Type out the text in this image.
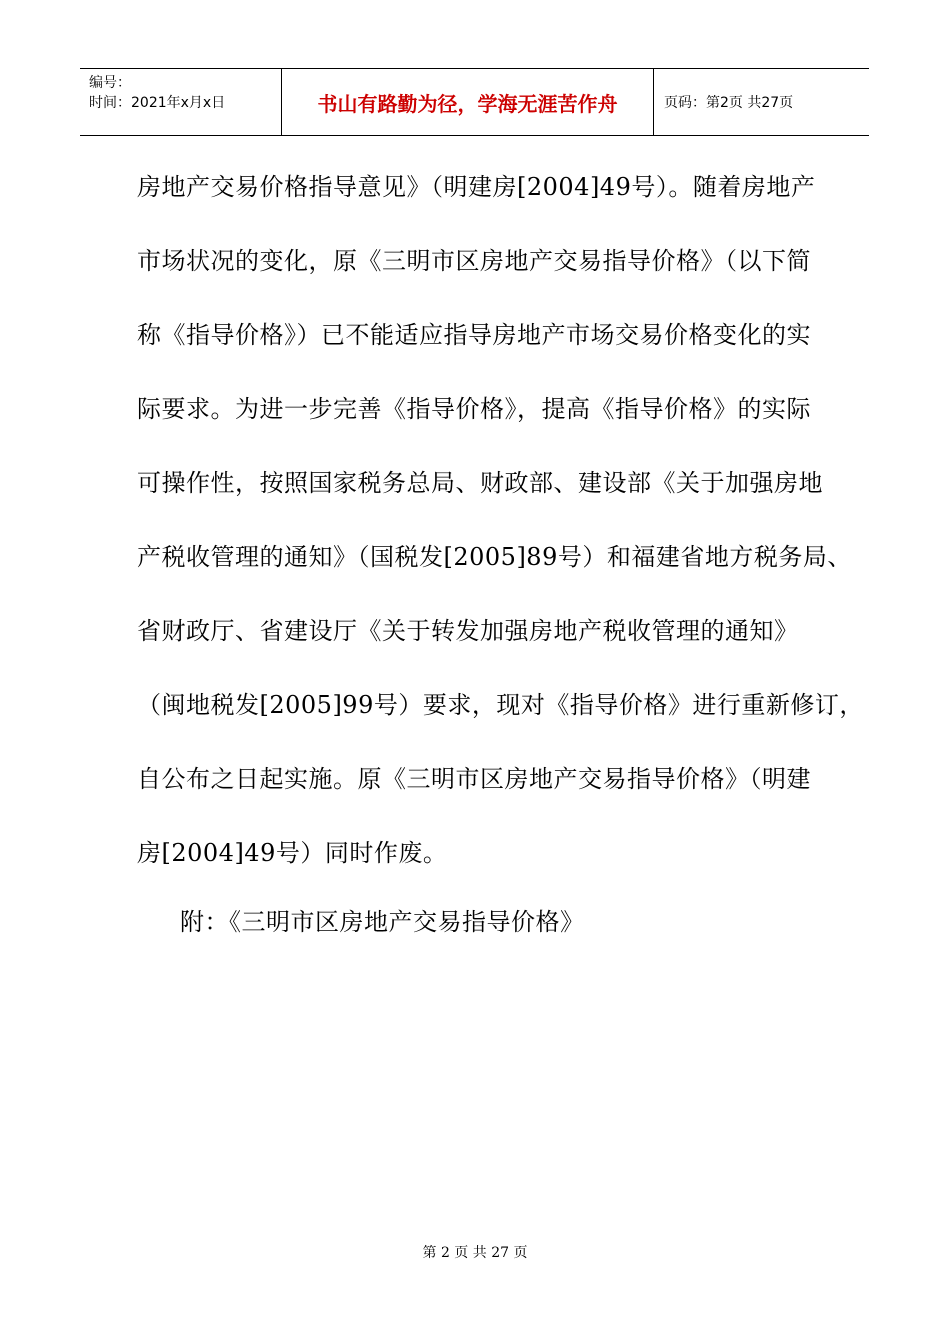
编号：
时间：2021年x月x日	书山有路勤为径，学海无涯苦作舟	页码：第2页 共27页
房地产交易价格指导意见》（明建房[2004]49号）。随着房地产
市场状况的变化，原《三明市区房地产交易指导价格》（以下简
称《指导价格》）已不能适应指导房地产市场交易价格变化的实
际要求。为进一步完善《指导价格》，提高《指导价格》的实际
可操作性，按照国家税务总局、财政部、建设部《关于加强房地
产税收管理的通知》（国税发[2005]89号）和福建省地方税务局、
省财政厅、省建设厅《关于转发加强房地产税收管理的通知》
（闽地税发[2005]99号）要求，现对《指导价格》进行重新修订，
自公布之日起实施。原《三明市区房地产交易指导价格》（明建
房[2004]49号）同时作废。
附：《三明市区房地产交易指导价格》
第 2 页 共 27 页
